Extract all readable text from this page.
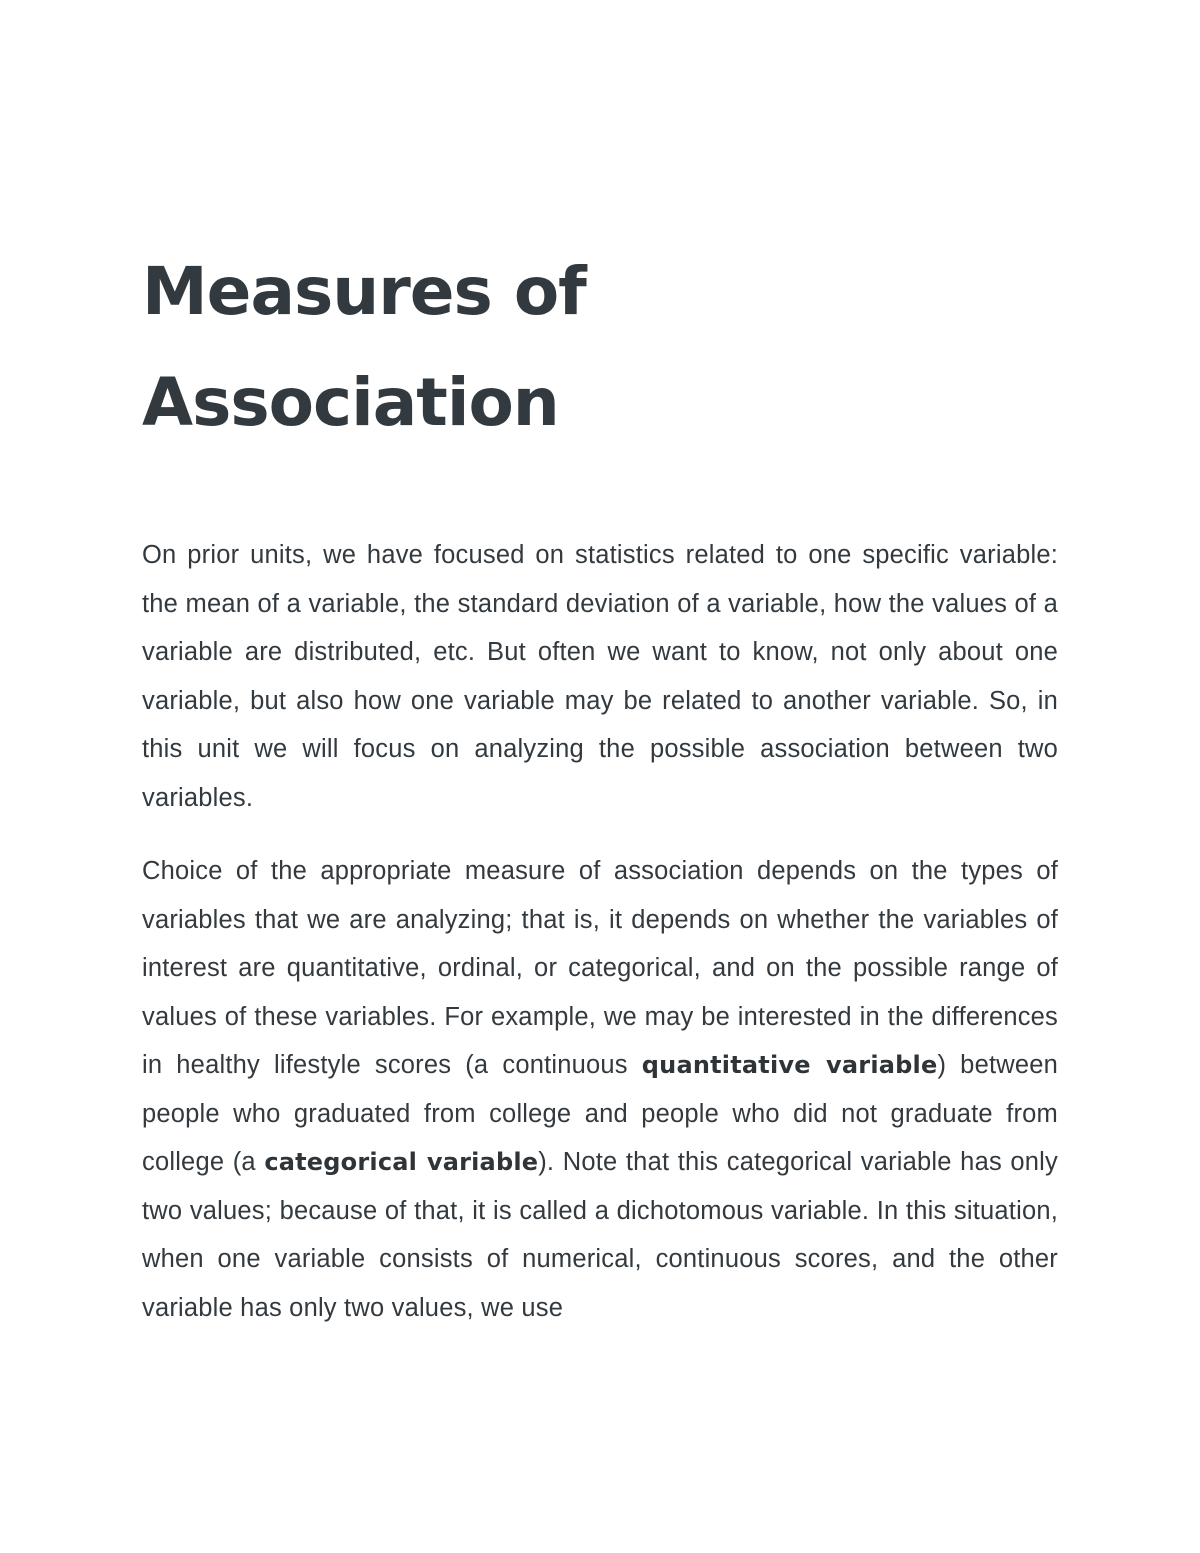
Measures of
Association

On prior units, we have focused on statistics related to one specific variable: the mean of a variable, the standard deviation of a variable, how the values of a variable are distributed, etc. But often we want to know, not only about one variable, but also how one variable may be related to another variable. So, in this unit we will focus on analyzing the possible association between two variables.

Choice of the appropriate measure of association depends on the types of variables that we are analyzing; that is, it depends on whether the variables of interest are quantitative, ordinal, or categorical, and on the possible range of values of these variables. For example, we may be interested in the differences in healthy lifestyle scores (a continuous quantitative variable) between people who graduated from college and people who did not graduate from college (a categorical variable). Note that this categorical variable has only two values; because of that, it is called a dichotomous variable. In this situation, when one variable consists of numerical, continuous scores, and the other variable has only two values, we use
